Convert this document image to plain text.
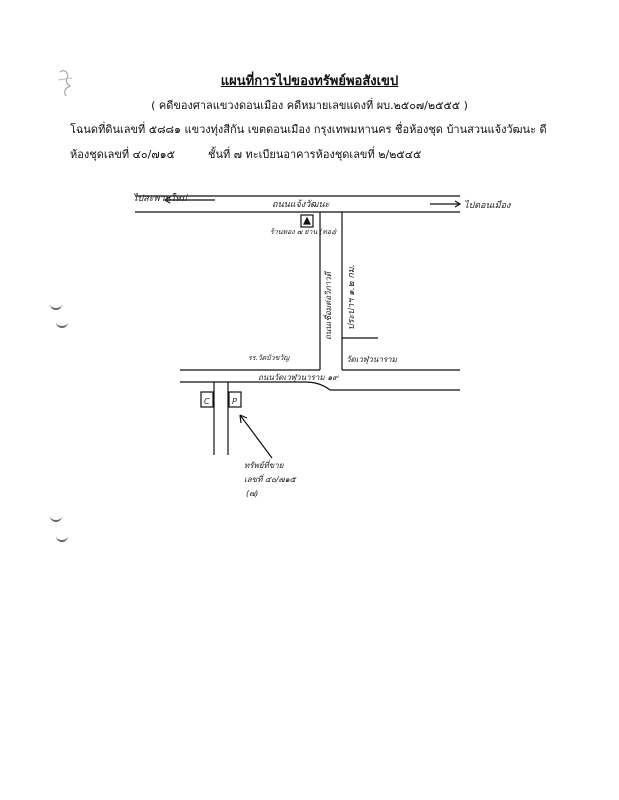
แผนที่การไปของทรัพย์พอสังเขป
( คดีของศาลแขวงดอนเมือง คดีหมายเลขแดงที่ ผบ.๒๕๐๗/๒๕๕๕ )
โฉนดที่ดินเลขที่ ๕๘๘๑ แขวงทุ่งสีกัน เขตดอนเมือง กรุงเทพมหานคร ชื่อห้องชุด บ้านสวนแจ้งวัฒนะ ดี
ห้องชุดเลขที่ ๔๐/๗๑๕	ชั้นที่ ๗ ทะเบียนอาคารห้องชุดเลขที่ ๒/๒๕๔๕
ไปสะพานใหม่
ไปดอนเมือง
ถนนแจ้งวัฒนะ
ร้านทอง ๗ ย่าน (ทอง)
ถนนเชื่อมต่อวิภาวดี ประปาฯ ๑.๒ กม.
วัดเวฬุวนาราม
รร.วัดบัวขวัญ
ถนนวัดเวฬุวนาราม ๑๙
C	P
ทรัพย์ที่ขาย
เลขที่ ๔๐/๗๑๕
(๗)
